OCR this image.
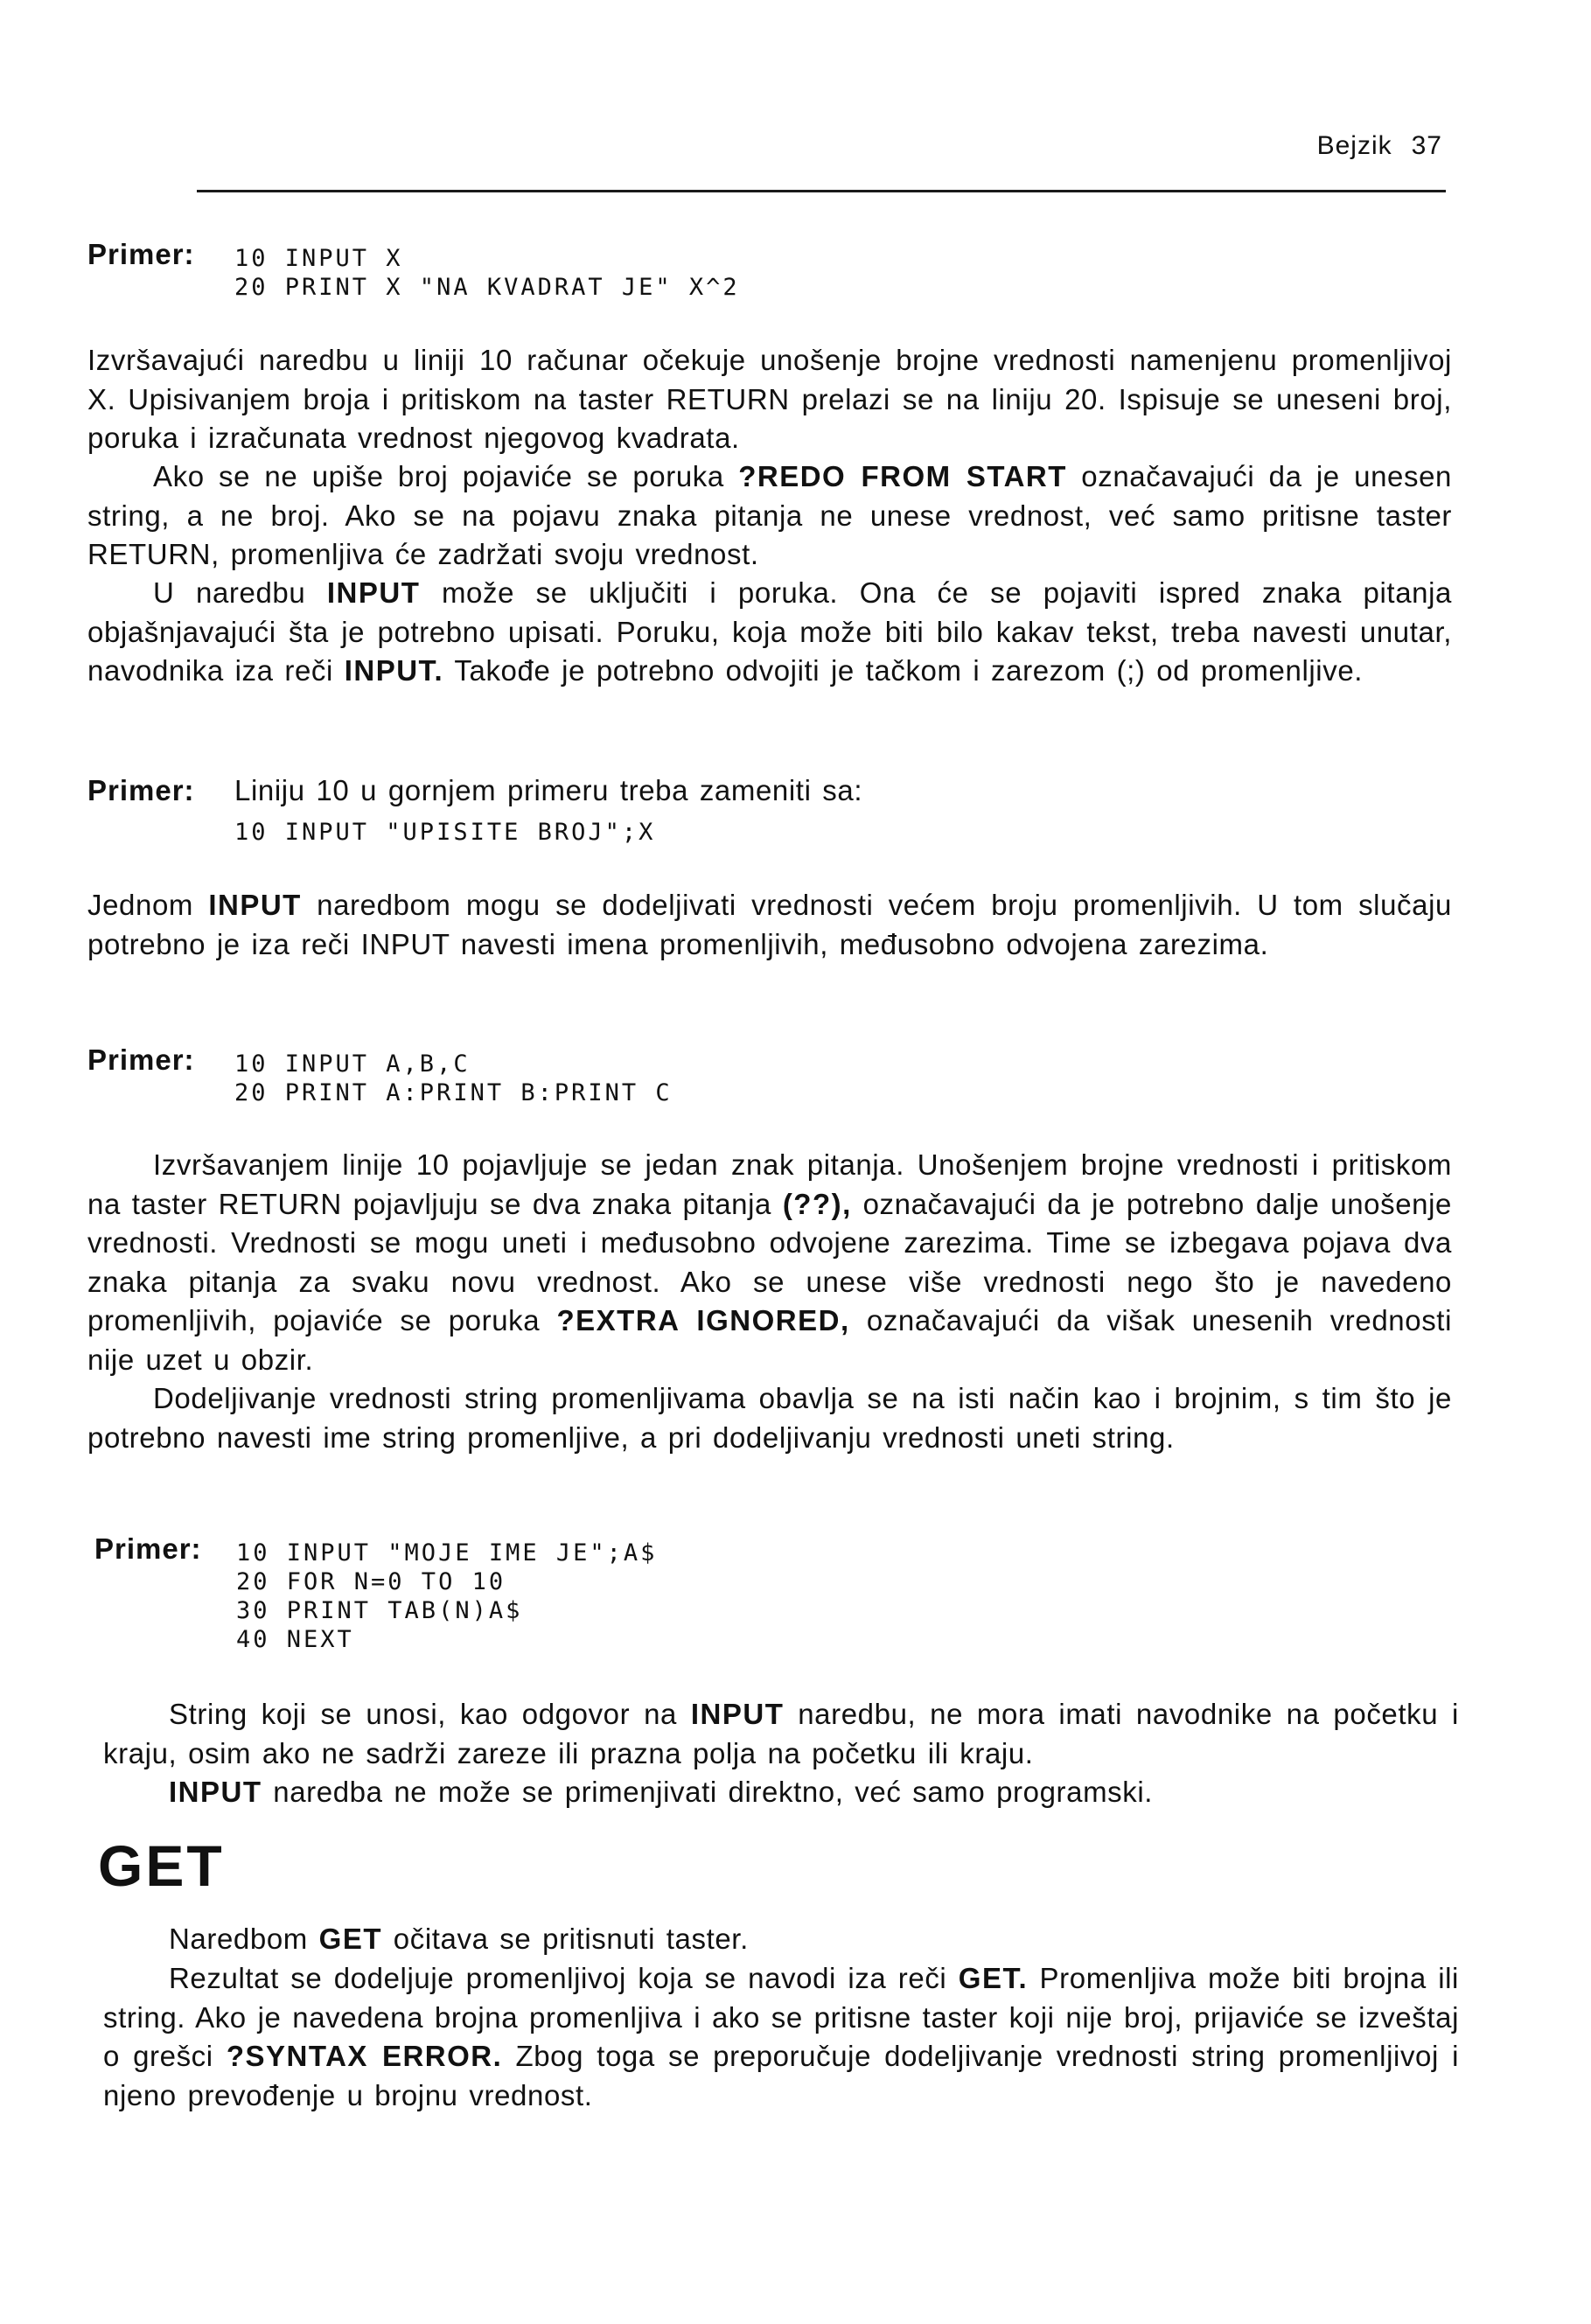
Bejzik 37
Primer: 10 INPUT X
20 PRINT X "NA KVADRAT JE" X^2

Izvršavajući naredbu u liniji 10 računar očekuje unošenje brojne vrednosti namenjenu promenljivoj X. Upisivanjem broja i pritiskom na taster RETURN prelazi se na liniju 20. Ispisuje se uneseni broj, poruka i izračunata vrednost njegovog kvadrata.

Ako se ne upiše broj pojaviće se poruka ?REDO FROM START označavajući da je unesen string, a ne broj. Ako se na pojavu znaka pitanja ne unese vrednost, već samo pritisne taster RETURN, promenljiva će zadržati svoju vrednost.

U naredbu INPUT može se uključiti i poruka. Ona će se pojaviti ispred znaka pitanja objašnjavajući šta je potrebno upisati. Poruku, koja može biti bilo kakav tekst, treba navesti unutar, navodnika iza reči INPUT. Takođe je potrebno odvojiti je tačkom i zarezom (;) od promenljive.

Primer: Liniju 10 u gornjem primeru treba zameniti sa:
10 INPUT "UPISITE BROJ";X

Jednom INPUT naredbom mogu se dodeljivati vrednosti većem broju promenljivih. U tom slučaju potrebno je iza reči INPUT navesti imena promenljivih, međusobno odvojena zarezima.

Primer: 10 INPUT A,B,C
20 PRINT A:PRINT B:PRINT C

Izvršavanjem linije 10 pojavljuje se jedan znak pitanja. Unošenjem brojne vrednosti i pritiskom na taster RETURN pojavljuju se dva znaka pitanja (??), označavajući da je potrebno dalje unošenje vrednosti. Vrednosti se mogu uneti i međusobno odvojene zarezima. Time se izbegava pojava dva znaka pitanja za svaku novu vrednost. Ako se unese više vrednosti nego što je navedeno promenljivih, pojaviće se poruka ?EXTRA IGNORED, označavajući da višak unesenih vrednosti nije uzet u obzir.

Dodeljivanje vrednosti string promenljivama obavlja se na isti način kao i brojnim, s tim što je potrebno navesti ime string promenljive, a pri dodeljivanju vrednosti uneti string.

Primer: 10 INPUT "MOJE IME JE";A$
20 FOR N=0 TO 10
30 PRINT TAB(N)A$
40 NEXT

String koji se unosi, kao odgovor na INPUT naredbu, ne mora imati navodnike na početku i kraju, osim ako ne sadrži zareze ili prazna polja na početku ili kraju.

INPUT naredba ne može se primenjivati direktno, već samo programski.

GET

Naredbom GET očitava se pritisnuti taster.

Rezultat se dodeljuje promenljivoj koja se navodi iza reči GET. Promenljiva može biti brojna ili string. Ako je navedena brojna promenljiva i ako se pritisne taster koji nije broj, prijaviće se izveštaj o grešci ?SYNTAX ERROR. Zbog toga se preporučuje dodeljivanje vrednosti string promenljivoj i njeno prevođenje u brojnu vrednost.
